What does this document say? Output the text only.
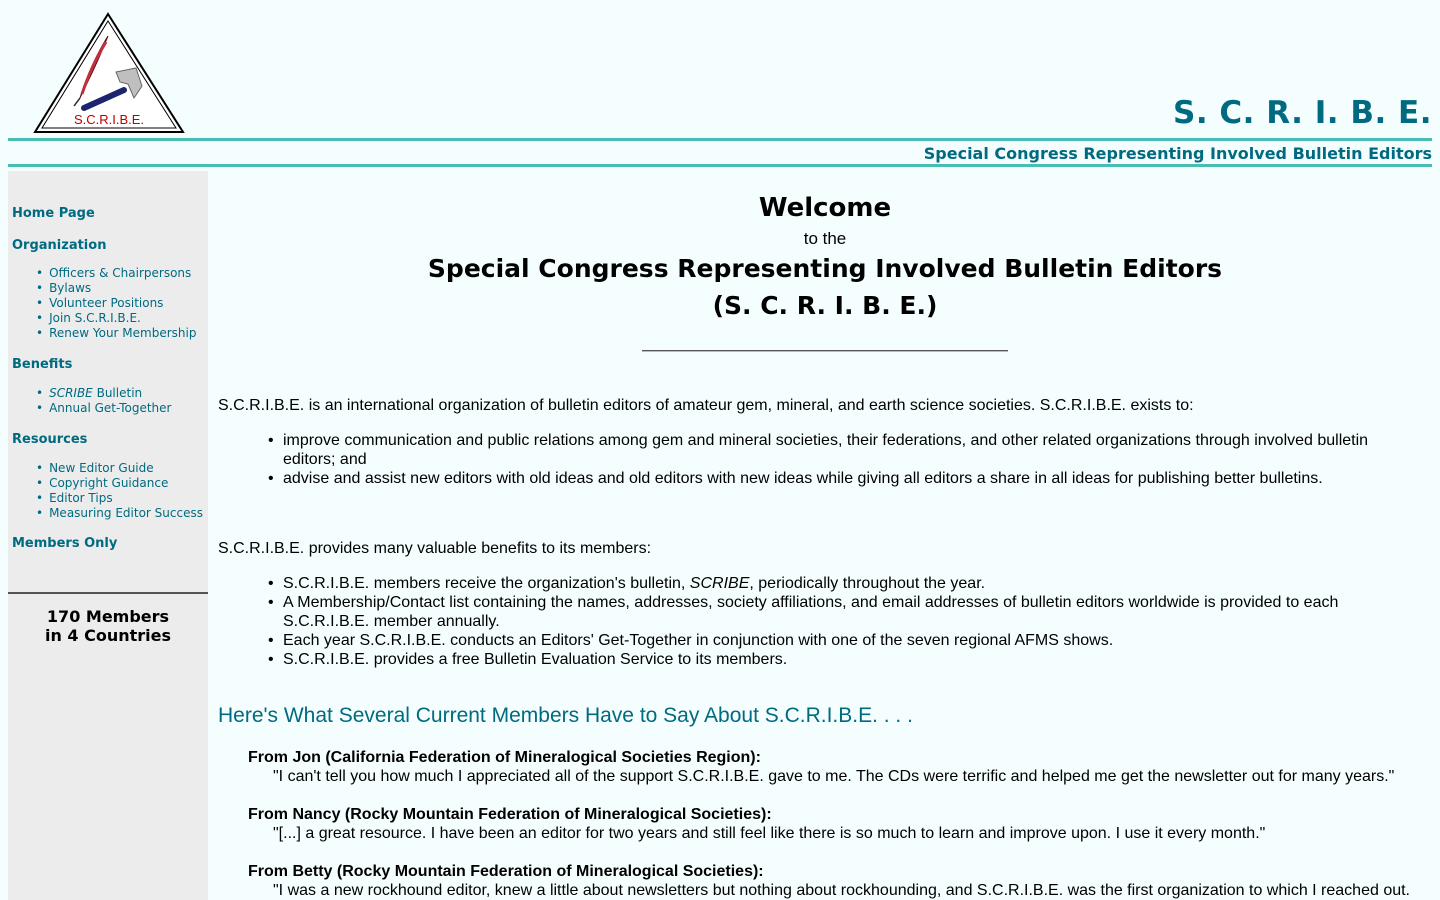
S.C.R.I.B.E.	S. C. R. I. B. E.
Special Congress Representing Involved Bulletin Editors
Home Page
Organization
• Officers & Chairpersons
• Bylaws
• Volunteer Positions
• Join S.C.R.I.B.E.
• Renew Your Membership
Benefits
• SCRIBE Bulletin
• Annual Get-Together
Resources
• New Editor Guide
• Copyright Guidance
• Editor Tips
• Measuring Editor Success
Members Only
170 Members
in 4 Countries
Welcome
to the
Special Congress Representing Involved Bulletin Editors
(S. C. R. I. B. E.)
S.C.R.I.B.E. is an international organization of bulletin editors of amateur gem, mineral, and earth science societies. S.C.R.I.B.E. exists to:
• improve communication and public relations among gem and mineral societies, their federations, and other related organizations through involved bulletin editors; and
• advise and assist new editors with old ideas and old editors with new ideas while giving all editors a share in all ideas for publishing better bulletins.
S.C.R.I.B.E. provides many valuable benefits to its members:
• S.C.R.I.B.E. members receive the organization's bulletin, SCRIBE, periodically throughout the year.
• A Membership/Contact list containing the names, addresses, society affiliations, and email addresses of bulletin editors worldwide is provided to each S.C.R.I.B.E. member annually.
• Each year S.C.R.I.B.E. conducts an Editors' Get-Together in conjunction with one of the seven regional AFMS shows.
• S.C.R.I.B.E. provides a free Bulletin Evaluation Service to its members.
Here's What Several Current Members Have to Say About S.C.R.I.B.E. . . .
From Jon (California Federation of Mineralogical Societies Region):
"I can't tell you how much I appreciated all of the support S.C.R.I.B.E. gave to me. The CDs were terrific and helped me get the newsletter out for many years."
From Nancy (Rocky Mountain Federation of Mineralogical Societies):
"[...] a great resource. I have been an editor for two years and still feel like there is so much to learn and improve upon. I use it every month."
From Betty (Rocky Mountain Federation of Mineralogical Societies):
"I was a new rockhound editor, knew a little about newsletters but nothing about rockhounding, and S.C.R.I.B.E. was the first organization to which I reached out.
